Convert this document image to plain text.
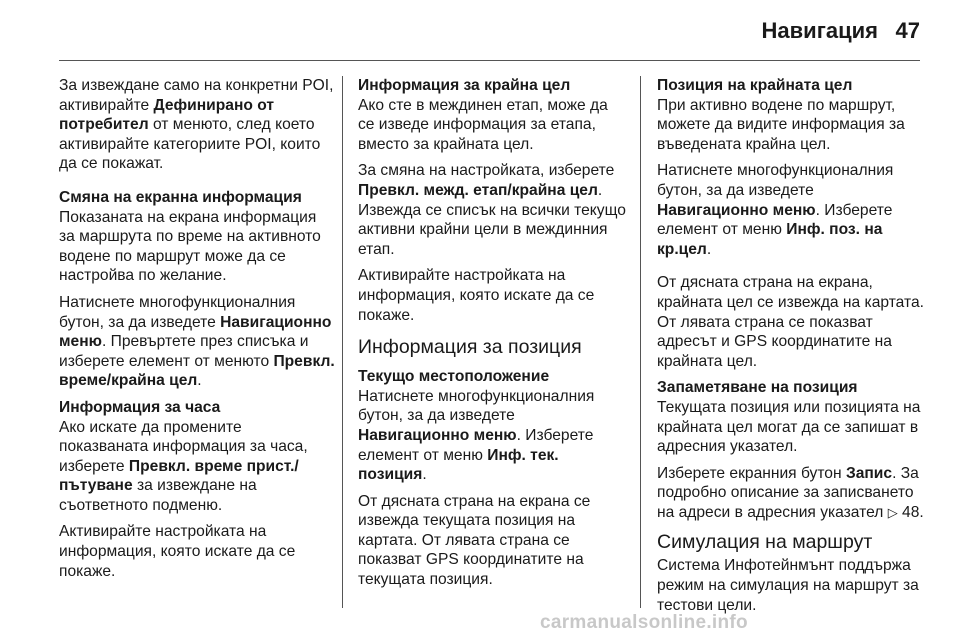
Навигация 47

За извеждане само на конкретни POI, активирайте Дефинирано от потребител от менюто, след което активирайте категориите POI, които да се покажат.

Смяна на екранна информация

Показаната на екрана информация за маршрута по време на активното водене по маршрут може да се настройва по желание.

Натиснете многофункционалния бутон, за да изведете Навигационно меню. Превъртете през списъка и изберете елемент от менюто Превкл. време/крайна цел.

Информация за часа

Ако искате да промените показваната информация за часа, изберете Превкл. време прист./пътуване за извеждане на съответното подменю.

Активирайте настройката на информация, която искате да се покаже.

Информация за крайна цел

Ако сте в междинен етап, може да се изведе информация за етапа, вместо за крайната цел.

За смяна на настройката, изберете Превкл. межд. етап/крайна цел. Извежда се списък на всички текущо активни крайни цели в междинния етап.

Активирайте настройката на информация, която искате да се покаже.

Информация за позиция

Текущо местоположение

Натиснете многофункционалния бутон, за да изведете Навигационно меню. Изберете елемент от меню Инф. тек. позиция.

От дясната страна на екрана се извежда текущата позиция на картата. От лявата страна се показват GPS координатите на текущата позиция.

Позиция на крайната цел

При активно водене по маршрут, можете да видите информация за въведената крайна цел.

Натиснете многофункционалния бутон, за да изведете Навигационно меню. Изберете елемент от меню Инф. поз. на кр.цел.

От дясната страна на екрана, крайната цел се извежда на картата. От лявата страна се показват адресът и GPS координатите на крайната цел.

Запаметяване на позиция

Текущата позиция или позицията на крайната цел могат да се запишат в адресния указател.

Изберете екранния бутон Запис. За подробно описание за записването на адреси в адресния указател ▷ 48.

Симулация на маршрут

Система Инфотейнмънт поддържа режим на симулация на маршрут за тестови цели.

carmanualsonline.info
